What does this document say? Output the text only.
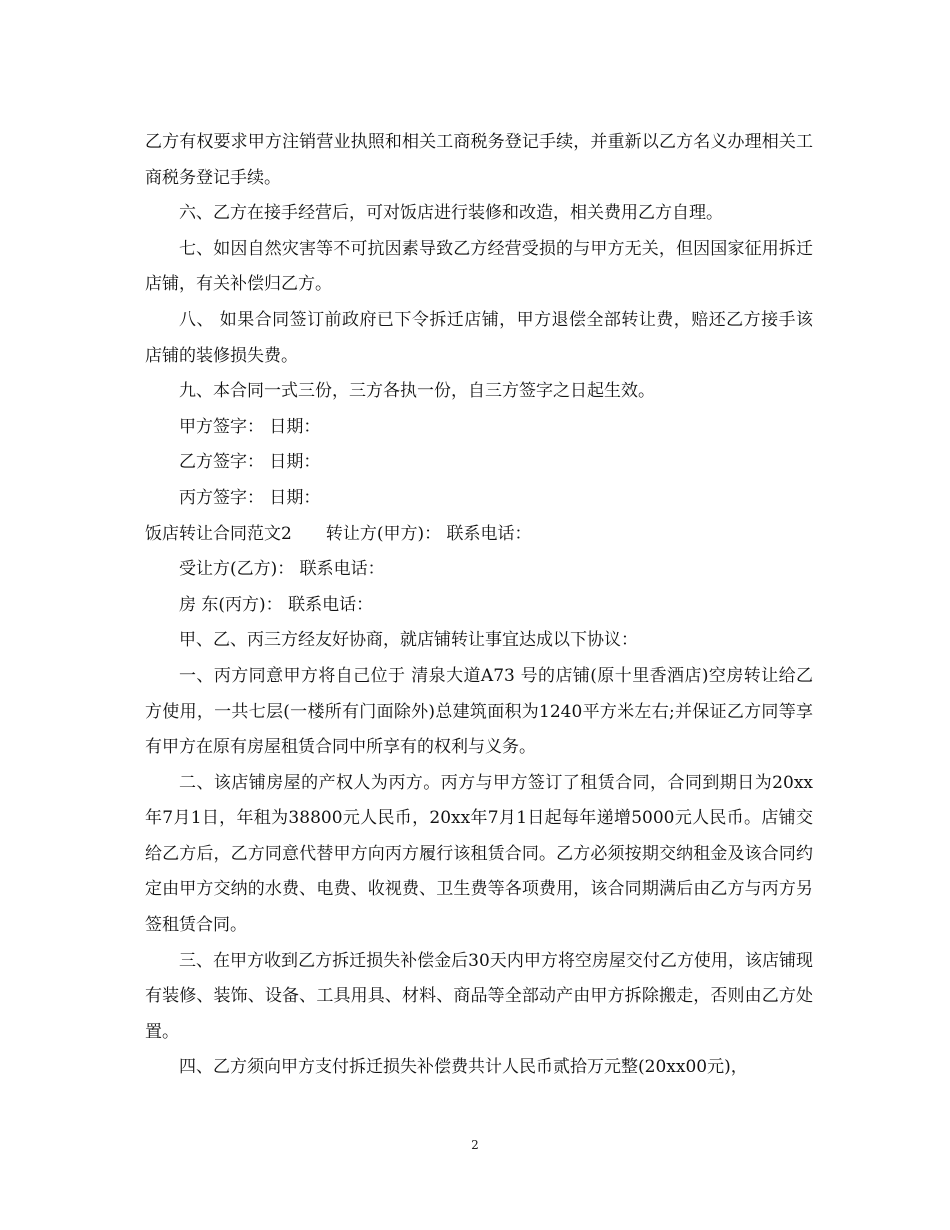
乙方有权要求甲方注销营业执照和相关工商税务登记手续，并重新以乙方名义办理相关工商税务登记手续。

六、乙方在接手经营后，可对饭店进行装修和改造，相关费用乙方自理。

七、如因自然灾害等不可抗因素导致乙方经营受损的与甲方无关，但因国家征用拆迁店铺，有关补偿归乙方。

八、 如果合同签订前政府已下令拆迁店铺，甲方退偿全部转让费，赔还乙方接手该店铺的装修损失费。

九、本合同一式三份，三方各执一份，自三方签字之日起生效。

甲方签字： 日期：

乙方签字： 日期：

丙方签字： 日期：

饭店转让合同范文2　　转让方(甲方)： 联系电话：

受让方(乙方)： 联系电话：

房 东(丙方)： 联系电话：

甲、乙、丙三方经友好协商，就店铺转让事宜达成以下协议：

一、丙方同意甲方将自己位于 清泉大道A73 号的店铺(原十里香酒店)空房转让给乙方使用，一共七层(一楼所有门面除外)总建筑面积为1240平方米左右;并保证乙方同等享有甲方在原有房屋租赁合同中所享有的权利与义务。

二、该店铺房屋的产权人为丙方。丙方与甲方签订了租赁合同，合同到期日为20xx年7月1日，年租为38800元人民币，20xx年7月1日起每年递增5000元人民币。店铺交给乙方后，乙方同意代替甲方向丙方履行该租赁合同。乙方必须按期交纳租金及该合同约定由甲方交纳的水费、电费、收视费、卫生费等各项费用，该合同期满后由乙方与丙方另签租赁合同。

三、在甲方收到乙方拆迁损失补偿金后30天内甲方将空房屋交付乙方使用，该店铺现有装修、装饰、设备、工具用具、材料、商品等全部动产由甲方拆除搬走，否则由乙方处置。

四、乙方须向甲方支付拆迁损失补偿费共计人民币贰拾万元整(20xx00元)，

2
